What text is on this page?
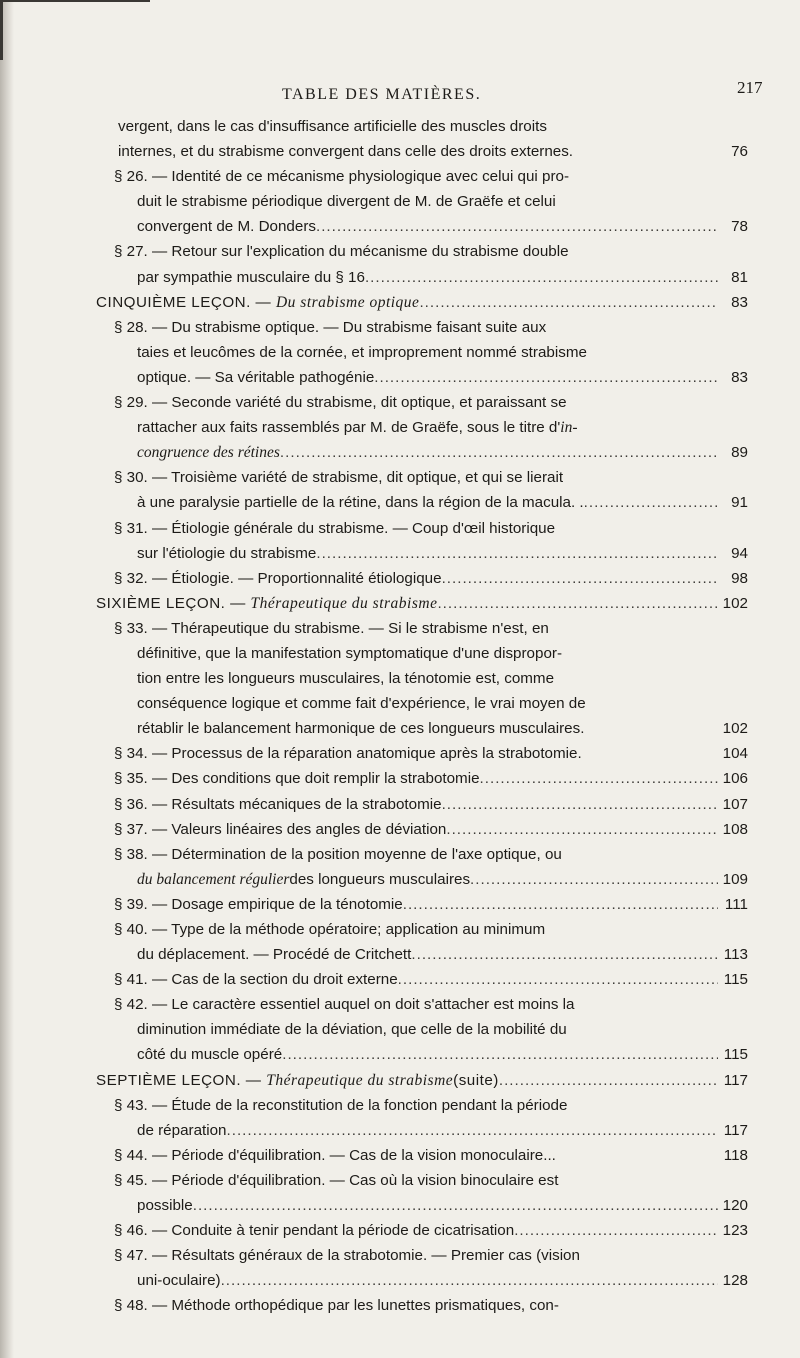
TABLE DES MATIÈRES.	217
vergent, dans le cas d'insuffisance artificielle des muscles droits
internes, et du strabisme convergent dans celle des droits externes.	76
§ 26. — Identité de ce mécanisme physiologique avec celui qui pro-
duit le strabisme périodique divergent de M. de Graëfe et celui
convergent de M. Donders .....	78
§ 27. — Retour sur l'explication du mécanisme du strabisme double
par sympathie musculaire du § 16 .....	81
CINQUIÈME LEÇON. — Du strabisme optique .....	83
§ 28. — Du strabisme optique. — Du strabisme faisant suite aux
taies et leucômes de la cornée, et improprement nommé strabisme
optique. — Sa véritable pathogénie .....	83
§ 29. — Seconde variété du strabisme, dit optique, et paraissant se
rattacher aux faits rassemblés par M. de Graëfe, sous le titre d' in-
congruence des rétines .....	89
§ 30. — Troisième variété de strabisme, dit optique, et qui se lierait
à une paralysie partielle de la rétine, dans la région de la macula. . .....	91
§ 31. — Étiologie générale du strabisme. — Coup d'œil historique
sur l'étiologie du strabisme .....	94
§ 32. — Étiologie. — Proportionnalité étiologique .....	98
SIXIÈME LEÇON. — Thérapeutique du strabisme .....	102
§ 33. — Thérapeutique du strabisme. — Si le strabisme n'est, en
définitive, que la manifestation symptomatique d'une dispropor-
tion entre les longueurs musculaires, la ténotomie est, comme
conséquence logique et comme fait d'expérience, le vrai moyen de
rétablir le balancement harmonique de ces longueurs musculaires.	102
§ 34. — Processus de la réparation anatomique après la strabotomie.	104
§ 35. — Des conditions que doit remplir la strabotomie .....	106
§ 36. — Résultats mécaniques de la strabotomie .....	107
§ 37. — Valeurs linéaires des angles de déviation .....	108
§ 38. — Détermination de la position moyenne de l'axe optique, ou
du balancement régulier des longueurs musculaires .....	109
§ 39. — Dosage empirique de la ténotomie .....	111
§ 40. — Type de la méthode opératoire; application au minimum
du déplacement. — Procédé de Critchett .....	113
§ 41. — Cas de la section du droit externe .....	115
§ 42. — Le caractère essentiel auquel on doit s'attacher est moins la
diminution immédiate de la déviation, que celle de la mobilité du
côté du muscle opéré .....	115
SEPTIÈME LEÇON. — Thérapeutique du strabisme (suite) .....	117
§ 43. — Étude de la reconstitution de la fonction pendant la période
de réparation .....	117
§ 44. — Période d'équilibration. — Cas de la vision monoculaire...	118
§ 45. — Période d'équilibration. — Cas où la vision binoculaire est
possible .....	120
§ 46. — Conduite à tenir pendant la période de cicatrisation .....	123
§ 47. — Résultats généraux de la strabotomie. — Premier cas (vision
uni-oculaire) .....	128
§ 48. — Méthode orthopédique par les lunettes prismatiques, con-
